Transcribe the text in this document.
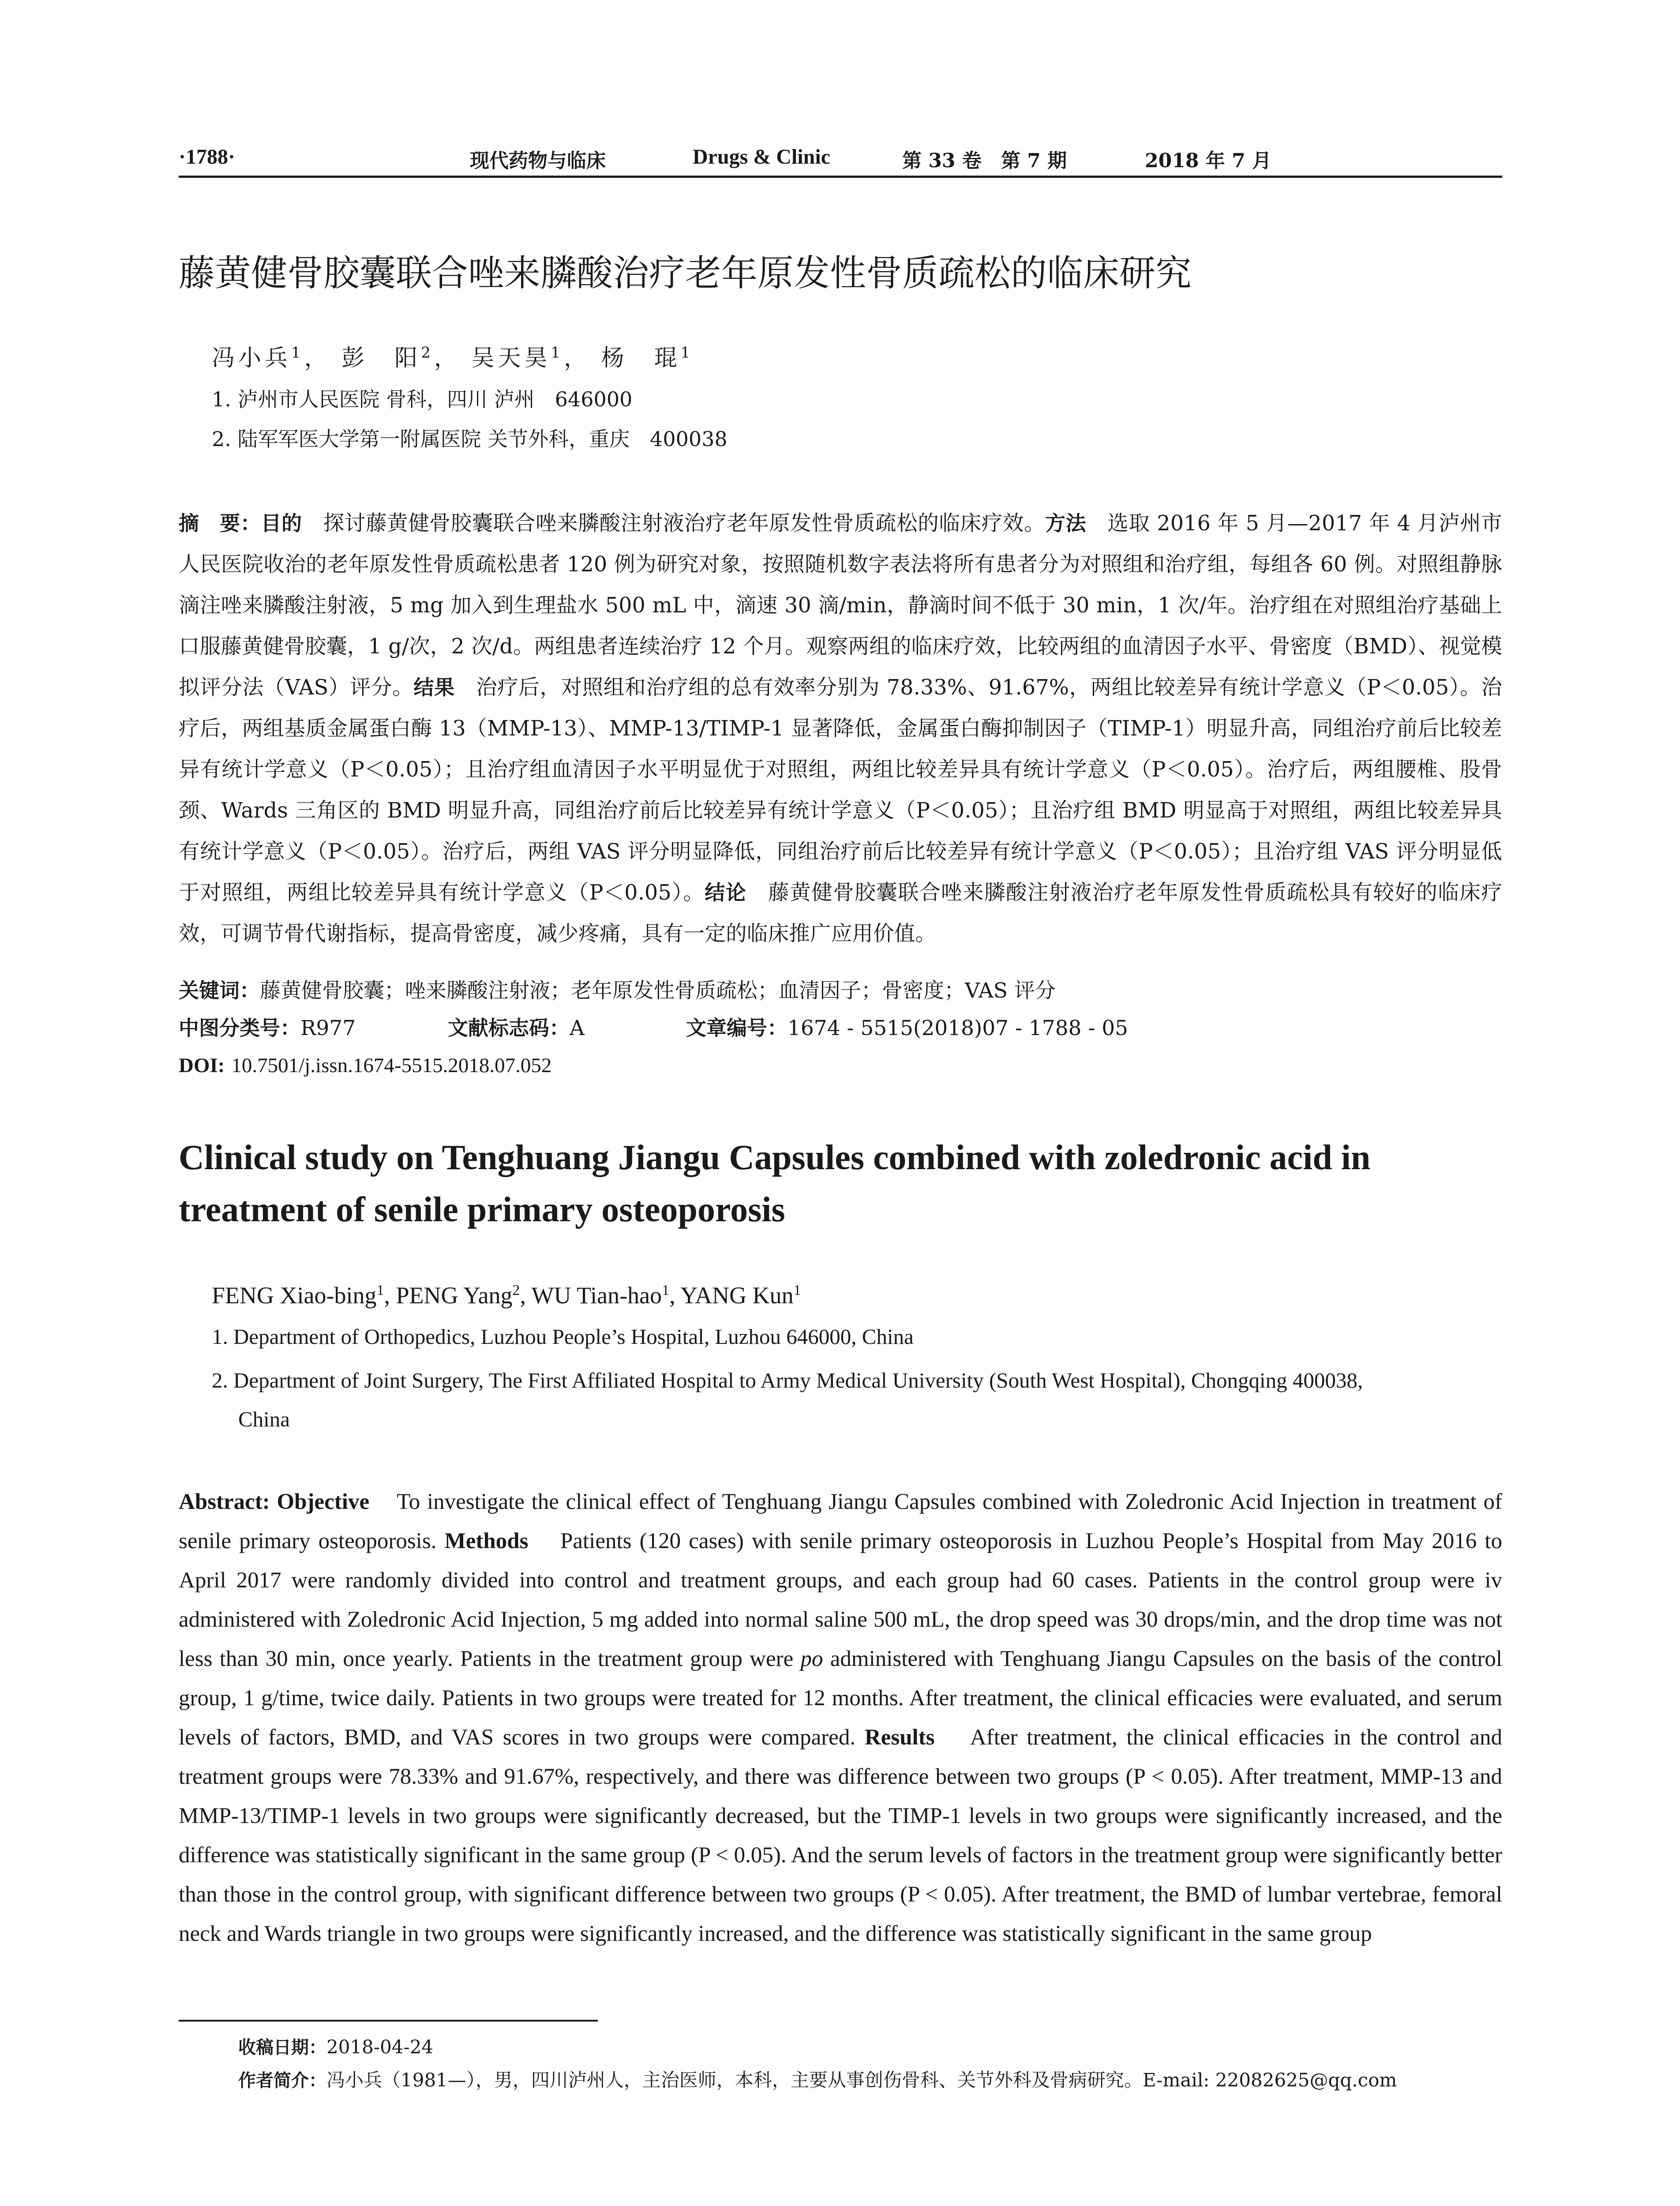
·1788·	现代药物与临床	Drugs & Clinic	第 33 卷　第 7 期	2018 年 7 月
藤黄健骨胶囊联合唑来膦酸治疗老年原发性骨质疏松的临床研究
冯小兵$^1$， 彭　阳$^2$， 吴天昊$^1$， 杨　琨$^1$
1. 泸州市人民医院 骨科，四川 泸州　646000
2. 陆军军医大学第一附属医院 关节外科，重庆　400038
摘　要：目的　 探讨藤黄健骨胶囊联合唑来膦酸注射液治疗老年原发性骨质疏松的临床疗效。方法　 选取 2016 年 5 月—2017 年 4 月泸州市人民医院收治的老年原发性骨质疏松患者 120 例为研究对象，按照随机数字表法将所有患者分为对照组和治疗组，每组各 60 例。对照组静脉滴注唑来膦酸注射液，5 mg 加入到生理盐水 500 mL 中，滴速 30 滴/min，静滴时间不低于 30 min，1 次/年。治疗组在对照组治疗基础上口服藤黄健骨胶囊，1 g/次，2 次/d。两组患者连续治疗 12 个月。观察两组的临床疗效，比较两组的血清因子水平、骨密度（BMD）、视觉模拟评分法（VAS）评分。结果　 治疗后，对照组和治疗组的总有效率分别为 78.33%、91.67%，两组比较差异有统计学意义（P＜0.05）。治疗后，两组基质金属蛋白酶 13（MMP-13）、MMP-13/TIMP-1 显著降低，金属蛋白酶抑制因子（TIMP-1）明显升高，同组治疗前后比较差异有统计学意义（P＜0.05）；且治疗组血清因子水平明显优于对照组，两组比较差异具有统计学意义（P＜0.05）。治疗后，两组腰椎、股骨颈、Wards 三角区的 BMD 明显升高，同组治疗前后比较差异有统计学意义（P＜0.05）；且治疗组 BMD 明显高于对照组，两组比较差异具有统计学意义（P＜0.05）。治疗后，两组 VAS 评分明显降低，同组治疗前后比较差异有统计学意义（P＜0.05）；且治疗组 VAS 评分明显低于对照组，两组比较差异具有统计学意义（P＜0.05）。结论　 藤黄健骨胶囊联合唑来膦酸注射液治疗老年原发性骨质疏松具有较好的临床疗效，可调节骨代谢指标，提高骨密度，减少疼痛，具有一定的临床推广应用价值。
关键词：藤黄健骨胶囊；唑来膦酸注射液；老年原发性骨质疏松；血清因子；骨密度；VAS 评分
中图分类号：R977	文献标志码：A	文章编号：1674 - 5515(2018)07 - 1788 - 05
DOI: 10.7501/j.issn.1674-5515.2018.07.052
Clinical study on Tenghuang Jiangu Capsules combined with zoledronic acid in treatment of senile primary osteoporosis
FENG Xiao-bing$^1$, PENG Yang$^2$, WU Tian-hao$^1$, YANG Kun$^1$
1. Department of Orthopedics, Luzhou People’s Hospital, Luzhou 646000, China
2. Department of Joint Surgery, The First Affiliated Hospital to Army Medical University (South West Hospital), Chongqing 400038,
China
Abstract: Objective To investigate the clinical effect of Tenghuang Jiangu Capsules combined with Zoledronic Acid Injection in treatment of senile primary osteoporosis. Methods Patients (120 cases) with senile primary osteoporosis in Luzhou People’s Hospital from May 2016 to April 2017 were randomly divided into control and treatment groups, and each group had 60 cases. Patients in the control group were iv administered with Zoledronic Acid Injection, 5 mg added into normal saline 500 mL, the drop speed was 30 drops/min, and the drop time was not less than 30 min, once yearly. Patients in the treatment group were po administered with Tenghuang Jiangu Capsules on the basis of the control group, 1 g/time, twice daily. Patients in two groups were treated for 12 months. After treatment, the clinical efficacies were evaluated, and serum levels of factors, BMD, and VAS scores in two groups were compared. Results After treatment, the clinical efficacies in the control and treatment groups were 78.33% and 91.67%, respectively, and there was difference between two groups (P < 0.05). After treatment, MMP-13 and MMP-13/TIMP-1 levels in two groups were significantly decreased, but the TIMP-1 levels in two groups were significantly increased, and the difference was statistically significant in the same group (P < 0.05). And the serum levels of factors in the treatment group were significantly better than those in the control group, with significant difference between two groups (P < 0.05). After treatment, the BMD of lumbar vertebrae, femoral neck and Wards triangle in two groups were significantly increased, and the difference was statistically significant in the same group
收稿日期：2018-04-24
作者简介：冯小兵（1981—），男，四川泸州人，主治医师，本科，主要从事创伤骨科、关节外科及骨病研究。E-mail: 22082625@qq.com
